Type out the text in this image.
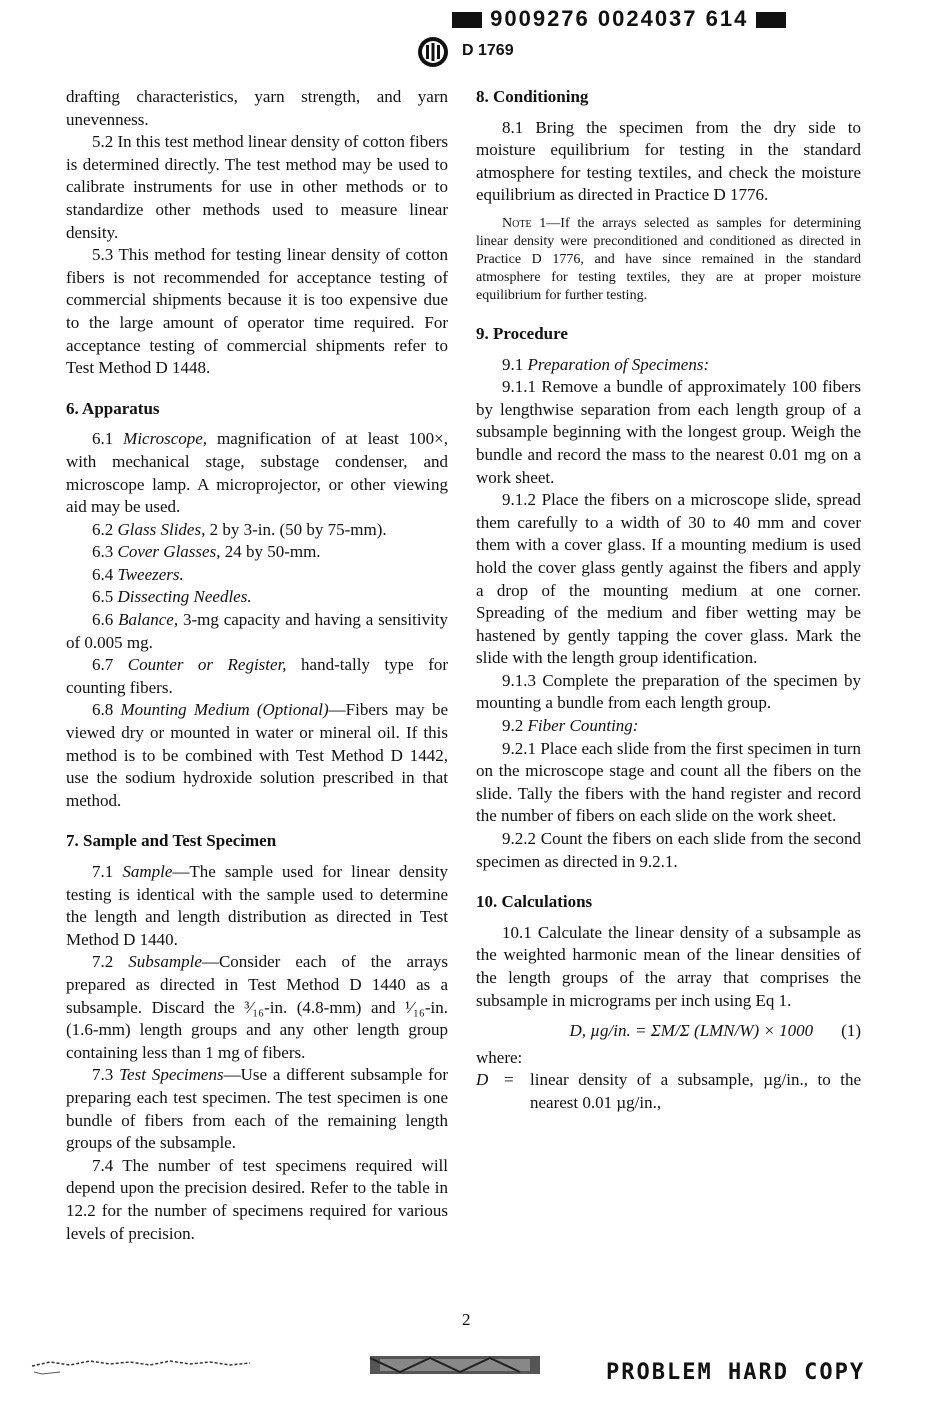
9009276 0024037 614
D 1769

drafting characteristics, yarn strength, and yarn unevenness.

5.2 In this test method linear density of cotton fibers is determined directly. The test method may be used to calibrate instruments for use in other methods or to standardize other methods used to measure linear density.

5.3 This method for testing linear density of cotton fibers is not recommended for acceptance testing of commercial shipments because it is too expensive due to the large amount of operator time required. For acceptance testing of commercial shipments refer to Test Method D 1448.

6. Apparatus

6.1 Microscope, magnification of at least 100×, with mechanical stage, substage condenser, and microscope lamp. A microprojector, or other viewing aid may be used.

6.2 Glass Slides, 2 by 3-in. (50 by 75-mm).

6.3 Cover Glasses, 24 by 50-mm.

6.4 Tweezers.

6.5 Dissecting Needles.

6.6 Balance, 3-mg capacity and having a sensitivity of 0.005 mg.

6.7 Counter or Register, hand-tally type for counting fibers.

6.8 Mounting Medium (Optional)—Fibers may be viewed dry or mounted in water or mineral oil. If this method is to be combined with Test Method D 1442, use the sodium hydroxide solution prescribed in that method.

7. Sample and Test Specimen

7.1 Sample—The sample used for linear density testing is identical with the sample used to determine the length and length distribution as directed in Test Method D 1440.

7.2 Subsample—Consider each of the arrays prepared as directed in Test Method D 1440 as a subsample. Discard the ³⁄₁₆-in. (4.8-mm) and ¹⁄₁₆-in. (1.6-mm) length groups and any other length group containing less than 1 mg of fibers.

7.3 Test Specimens—Use a different subsample for preparing each test specimen. The test specimen is one bundle of fibers from each of the remaining length groups of the subsample.

7.4 The number of test specimens required will depend upon the precision desired. Refer to the table in 12.2 for the number of specimens required for various levels of precision.

8. Conditioning

8.1 Bring the specimen from the dry side to moisture equilibrium for testing in the standard atmosphere for testing textiles, and check the moisture equilibrium as directed in Practice D 1776.

Note 1—If the arrays selected as samples for determining linear density were preconditioned and conditioned as directed in Practice D 1776, and have since remained in the standard atmosphere for testing textiles, they are at proper moisture equilibrium for further testing.

9. Procedure

9.1 Preparation of Specimens:

9.1.1 Remove a bundle of approximately 100 fibers by lengthwise separation from each length group of a subsample beginning with the longest group. Weigh the bundle and record the mass to the nearest 0.01 mg on a work sheet.

9.1.2 Place the fibers on a microscope slide, spread them carefully to a width of 30 to 40 mm and cover them with a cover glass. If a mounting medium is used hold the cover glass gently against the fibers and apply a drop of the mounting medium at one corner. Spreading of the medium and fiber wetting may be hastened by gently tapping the cover glass. Mark the slide with the length group identification.

9.1.3 Complete the preparation of the specimen by mounting a bundle from each length group.

9.2 Fiber Counting:

9.2.1 Place each slide from the first specimen in turn on the microscope stage and count all the fibers on the slide. Tally the fibers with the hand register and record the number of fibers on each slide on the work sheet.

9.2.2 Count the fibers on each slide from the second specimen as directed in 9.2.1.

10. Calculations

10.1 Calculate the linear density of a subsample as the weighted harmonic mean of the linear densities of the length groups of the array that comprises the subsample in micrograms per inch using Eq 1.

D, µg/in. = ΣM/Σ (LMN/W) × 1000 (1)

where:

D = linear density of a subsample, µg/in., to the nearest 0.01 µg/in.,
2
PROBLEM HARD COPY
